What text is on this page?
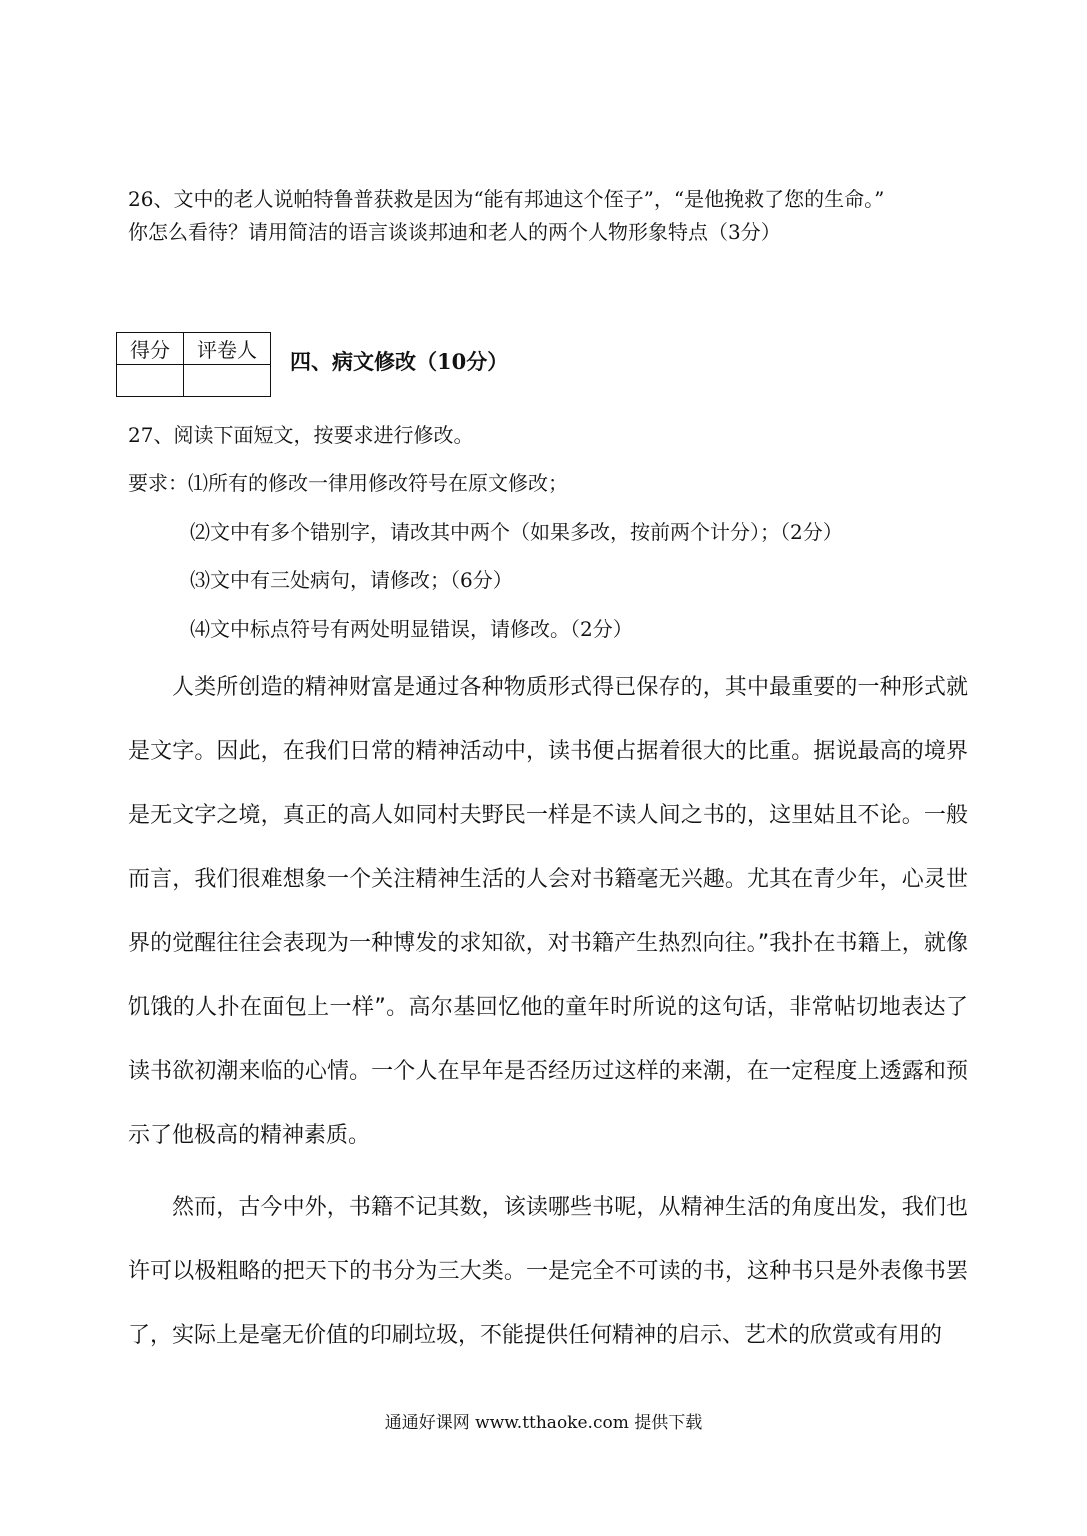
26、文中的老人说帕特鲁普获救是因为“能有邦迪这个侄子”，“是他挽救了您的生命。”
你怎么看待？请用简洁的语言谈谈邦迪和老人的两个人物形象特点（3分）
得分	评卷人
	四、病文修改（10分）
27、阅读下面短文，按要求进行修改。
要求：⑴所有的修改一律用修改符号在原文修改；
⑵文中有多个错别字，请改其中两个（如果多改，按前两个计分）；（2分）
⑶文中有三处病句，请修改；（6分）
⑷文中标点符号有两处明显错误，请修改。（2分）

人类所创造的精神财富是通过各种物质形式得已保存的，其中最重要的一种形式就是文字。因此，在我们日常的精神活动中，读书便占据着很大的比重。据说最高的境界是无文字之境，真正的高人如同村夫野民一样是不读人间之书的，这里姑且不论。一般而言，我们很难想象一个关注精神生活的人会对书籍毫无兴趣。尤其在青少年，心灵世界的觉醒往往会表现为一种博发的求知欲，对书籍产生热烈向往。”我扑在书籍上，就像饥饿的人扑在面包上一样”。高尔基回忆他的童年时所说的这句话，非常帖切地表达了读书欲初潮来临的心情。一个人在早年是否经历过这样的来潮，在一定程度上透露和预示了他极高的精神素质。

然而，古今中外，书籍不记其数，该读哪些书呢，从精神生活的角度出发，我们也许可以极粗略的把天下的书分为三大类。一是完全不可读的书，这种书只是外表像书罢了，实际上是毫无价值的印刷垃圾，不能提供任何精神的启示、艺术的欣赏或有用的

通通好课网 www.tthaoke.com 提供下载
